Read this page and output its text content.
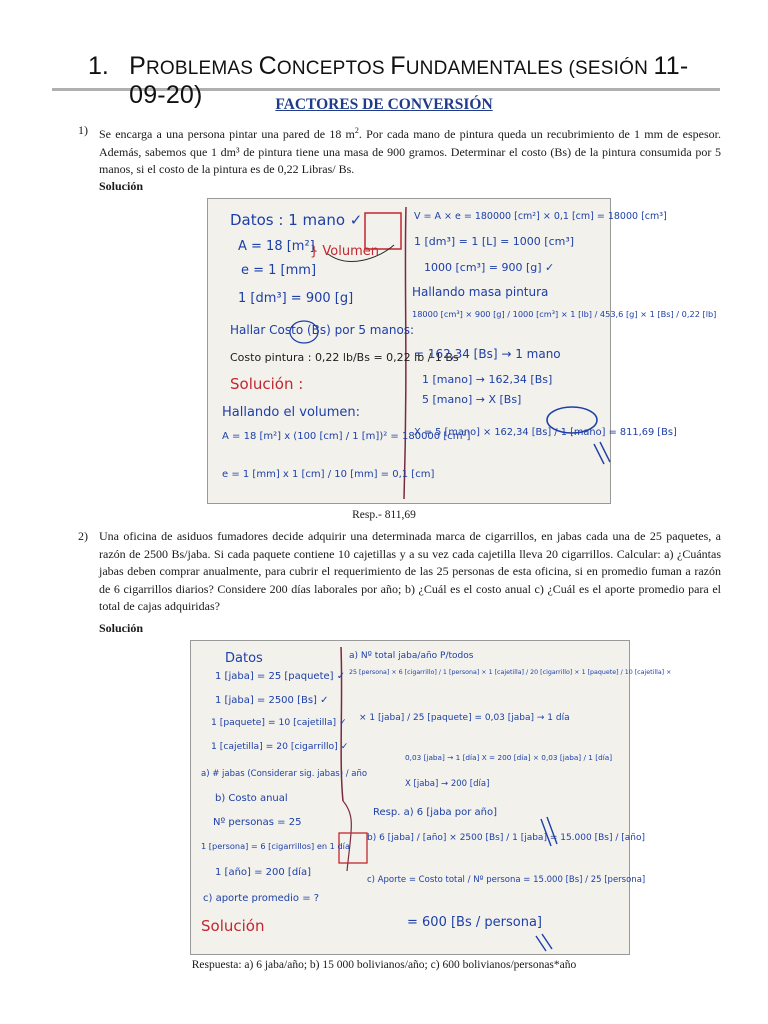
1. PROBLEMAS CONCEPTOS FUNDAMENTALES (SESIÓN 11-09-20)	FACTORES DE CONVERSIÓN
1) Se encarga a una persona pintar una pared de 18 $m^2$. Por cada mano de pintura queda un recubrimiento de 1 mm de espesor. Además, sabemos que 1 dm³ de pintura tiene una masa de 900 gramos. Determinar el costo (Bs) de la pintura consumida por 5 manos, si el costo de la pintura es de 0,22 Libras/ Bs.
Solución
Datos : 1 mano ✓
A = 18 [m²]
} Volumen
e = 1 [mm]
1 [dm³] = 900 [g]
Hallar Costo (Bs) por 5 manos:
Costo pintura : 0,22 lb/Bs = 0,22 lb / 1 Bs
Solución :
Hallando el volumen:
A = 18 [m²] x (100 [cm] / 1 [m])² = 180000 [cm²]
e = 1 [mm] x 1 [cm] / 10 [mm] = 0,1 [cm]
V = A × e = 180000 [cm²] × 0,1 [cm] = 18000 [cm³]
1 [dm³] = 1 [L] = 1000 [cm³]
1000 [cm³] = 900 [g] ✓
Hallando masa pintura
18000 [cm³] × 900 [g] / 1000 [cm³] × 1 [lb] / 453,6 [g] × 1 [Bs] / 0,22 [lb]
= 162,34 [Bs] → 1 mano
1 [mano] → 162,34 [Bs]
5 [mano] → X [Bs]
X = 5 [mano] × 162,34 [Bs] / 1 [mano] = 811,69 [Bs]
Resp.- 811,69
2) Una oficina de asiduos fumadores decide adquirir una determinada marca de cigarrillos, en jabas cada una de 25 paquetes, a razón de 2500 Bs/jaba. Si cada paquete contiene 10 cajetillas y a su vez cada cajetilla lleva 20 cigarrillos. Calcular: a) ¿Cuántas jabas deben comprar anualmente, para cubrir el requerimiento de las 25 personas de esta oficina, si en promedio fuman a razón de 6 cigarrillos diarios? Considere 200 días laborales por año; b) ¿Cuál es el costo anual c) ¿Cuál es el aporte promedio para el total de cajas adquiridas?
Solución
Datos
1 [jaba] = 25 [paquete] ✓
1 [jaba] = 2500 [Bs] ✓
1 [paquete] = 10 [cajetilla] ✓
1 [cajetilla] = 20 [cigarrillo] ✓
a) # jabas (Considerar sig. jabas) / año
b) Costo anual
Nº personas = 25
1 [persona] = 6 [cigarrillos] en 1 día
1 [año] = 200 [día]
c) aporte promedio = ?
Solución
a) Nº total jaba/año P/todos
25 [persona] × 6 [cigarrillo] / 1 [persona] × 1 [cajetilla] / 20 [cigarrillo] × 1 [paquete] / 10 [cajetilla] ×
× 1 [jaba] / 25 [paquete] = 0,03 [jaba] → 1 día
0,03 [jaba] → 1 [día] X = 200 [día] × 0,03 [jaba] / 1 [día]
X [jaba] → 200 [día]
Resp. a) 6 [jaba por año]
b) 6 [jaba] / [año] × 2500 [Bs] / 1 [jaba] = 15.000 [Bs] / [año]
c) Aporte = Costo total / Nº persona = 15.000 [Bs] / 25 [persona]
= 600 [Bs / persona]
Respuesta: a) 6 jaba/año; b) 15 000 bolivianos/año; c) 600 bolivianos/personas*año
